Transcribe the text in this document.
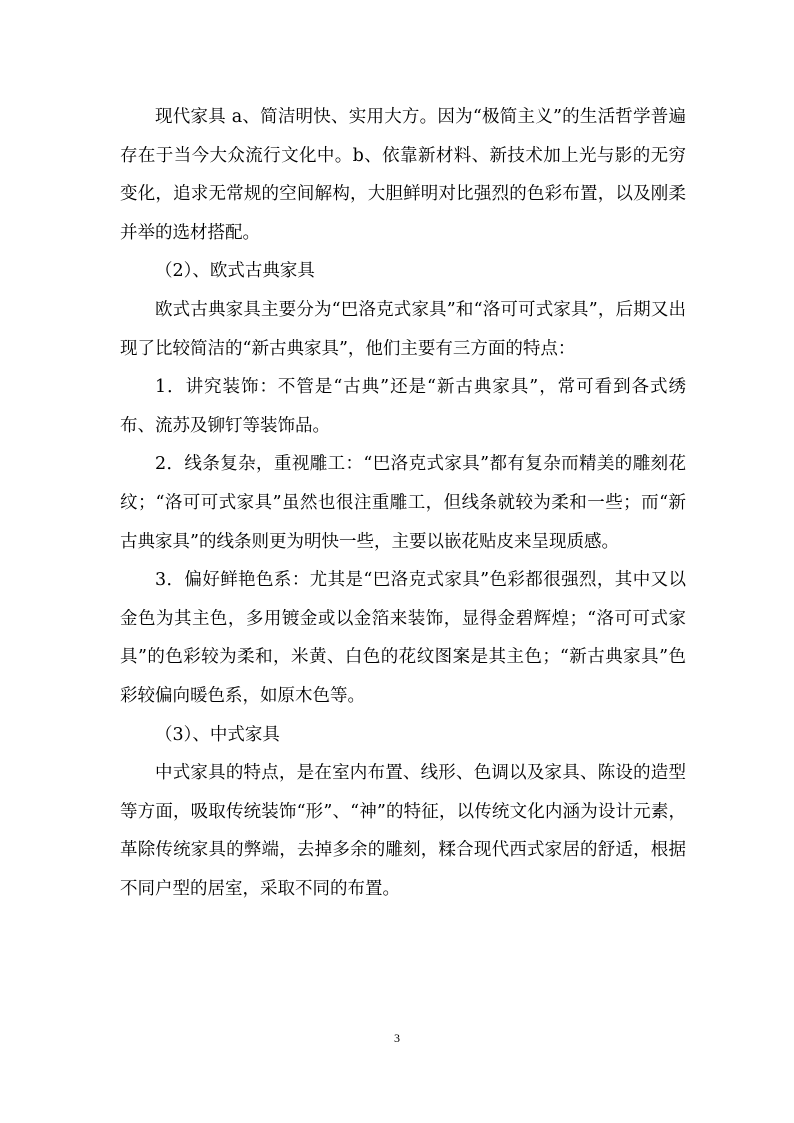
现代家具 a、简洁明快、实用大方。因为“极简主义”的生活哲学普遍存在于当今大众流行文化中。b、依靠新材料、新技术加上光与影的无穷变化，追求无常规的空间解构，大胆鲜明对比强烈的色彩布置，以及刚柔并举的选材搭配。

（2）、欧式古典家具

欧式古典家具主要分为“巴洛克式家具”和“洛可可式家具”，后期又出现了比较简洁的“新古典家具”，他们主要有三方面的特点：

1．讲究装饰：不管是“古典”还是“新古典家具”，常可看到各式绣布、流苏及铆钉等装饰品。

2．线条复杂，重视雕工：“巴洛克式家具”都有复杂而精美的雕刻花纹；“洛可可式家具”虽然也很注重雕工，但线条就较为柔和一些；而“新古典家具”的线条则更为明快一些，主要以嵌花贴皮来呈现质感。

3．偏好鲜艳色系：尤其是“巴洛克式家具”色彩都很强烈，其中又以金色为其主色，多用镀金或以金箔来装饰，显得金碧辉煌；“洛可可式家具”的色彩较为柔和，米黄、白色的花纹图案是其主色；“新古典家具”色彩较偏向暖色系，如原木色等。

（3）、中式家具

中式家具的特点，是在室内布置、线形、色调以及家具、陈设的造型等方面，吸取传统装饰“形”、“神”的特征，以传统文化内涵为设计元素，革除传统家具的弊端，去掉多余的雕刻，糅合现代西式家居的舒适，根据不同户型的居室，采取不同的布置。

3
